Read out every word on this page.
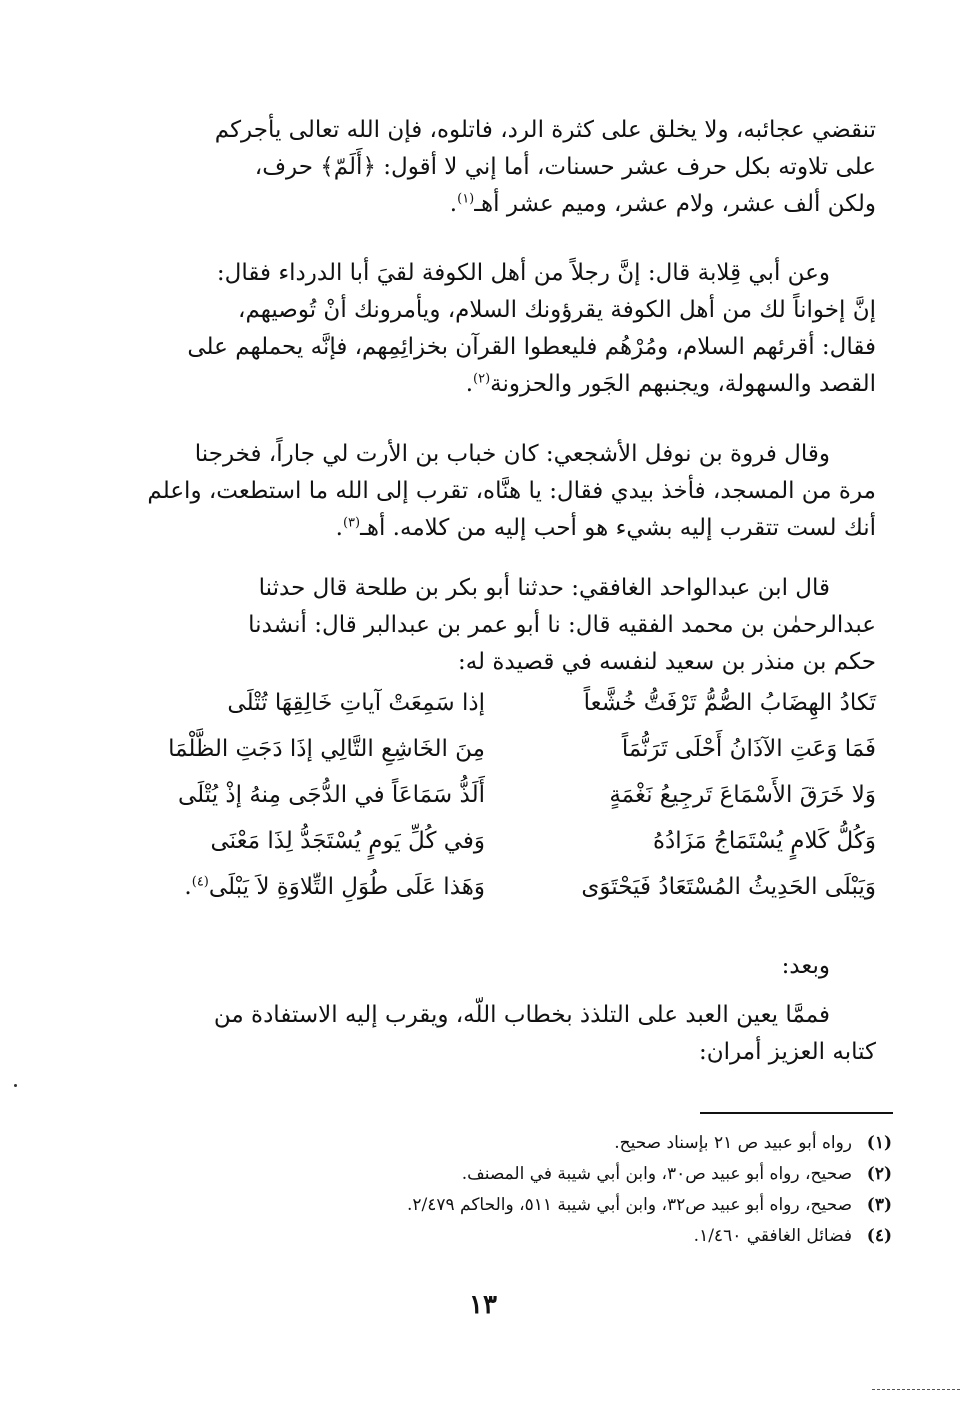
تنقضي عجائبه، ولا يخلق على كثرة الرد، فاتلوه، فإن الله تعالى يأجركم
على تلاوته بكل حرف عشر حسنات، أما إني لا أقول: ﴿أَلَمّ﴾ حرف،
ولكن ألف عشر، ولام عشر، وميم عشر أهـ$^{(١)}$.
وعن أبي قِلابة قال: إنَّ رجلاً من أهل الكوفة لقيَ أبا الدرداء فقال:
إنَّ إخواناً لك من أهل الكوفة يقرؤونك السلام، ويأمرونك أنْ تُوصيهم،
فقال: أقرئهم السلام، ومُرْهُم فليعطوا القرآن بخزائِمِهم، فإنَّه يحملهم على
القصد والسهولة، ويجنبهم الجَور والحزونة$^{(٢)}$.
وقال فروة بن نوفل الأشجعي: كان خباب بن الأرت لي جاراً، فخرجنا
مرة من المسجد، فأخذ بيدي فقال: يا هنَّاه، تقرب إلى الله ما استطعت، واعلم
أنك لست تتقرب إليه بشيء هو أحب إليه من كلامه. أهـ$^{(٣)}$.
قال ابن عبدالواحد الغافقي: حدثنا أبو بكر بن طلحة قال حدثنا
عبدالرحمٰن بن محمد الفقيه قال: نا أبو عمر بن عبدالبر قال: أنشدنا
حكم بن منذر بن سعيد لنفسه في قصيدة له:
تَكادُ الهِضَابُ الصُّمُّ تَرْفَتُّ خُشَّعاً
إذا سَمِعَتْ آياتِ خَالِقِهَا تُتْلَى
فَمَا وَعَتِ الآذَانُ أَحْلَى تَرَنُّمَاً
مِنَ الخَاشِعِ التَّالِي إذَا دَجَتِ الظَّلْمَا
وَلا خَرَقَ الأَسْمَاعَ تَرجِيعُ نَغْمَةٍ
أَلَذُّ سَمَاعَاً في الدُّجَى مِنهُ إذْ يُتْلَى
وَكُلُّ كَلامٍ يُسْتَمَاجُ مَزَادُهُ
وَفي كُلِّ يَومٍ يُسْتَجَدُّ لِذَا مَعْنَى
وَيَبْلَى الحَدِيثُ المُسْتَعَادُ فَيَحْتَوَى
وَهَذا عَلَى طُوَلِ التِّلاوَةِ لاَ يَبْلَى$^{(٤)}$.
وبعد:
فممَّا يعين العبد على التلذذ بخطاب اللّه، ويقرب إليه الاستفادة من
كتابه العزيز أمران:
(١)رواه أبو عبيد ص ٢١ بإسناد صحيح.
(٢)صحيح، رواه أبو عبيد ص٣٠، وابن أبي شيبة في المصنف.
(٣)صحيح، رواه أبو عبيد ص٣٢، وابن أبي شيبة ٥١١، والحاكم ٢/٤٧٩.
(٤)فضائل الغافقي ١/٤٦٠.
١٣
